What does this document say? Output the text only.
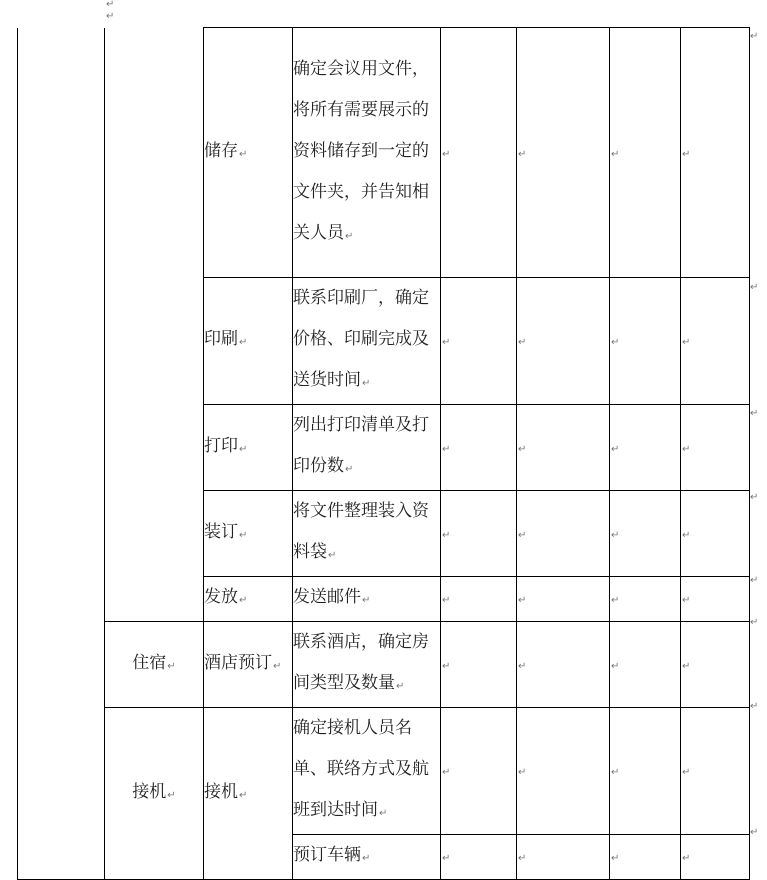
↵
↵
		储存↵	确定会议用文件，将所有需要展示的资料储存到一定的文件夹，并告知相关人员↵	↵	↵	↵	↵
		印刷↵	联系印刷厂，确定价格、印刷完成及送货时间↵	↵	↵	↵	↵
		打印↵	列出打印清单及打印份数↵	↵	↵	↵	↵
		装订↵	将文件整理装入资料袋↵	↵	↵	↵	↵
		发放↵	发送邮件↵	↵	↵	↵	↵
	住宿↵	酒店预订↵	联系酒店，确定房间类型及数量↵	↵	↵	↵	↵
	接机↵	接机↵	确定接机人员名单、联络方式及航班到达时间↵	↵	↵	↵	↵
			预订车辆↵	↵	↵	↵	↵
↵
↵
↵
↵
↵
↵
↵
↵
